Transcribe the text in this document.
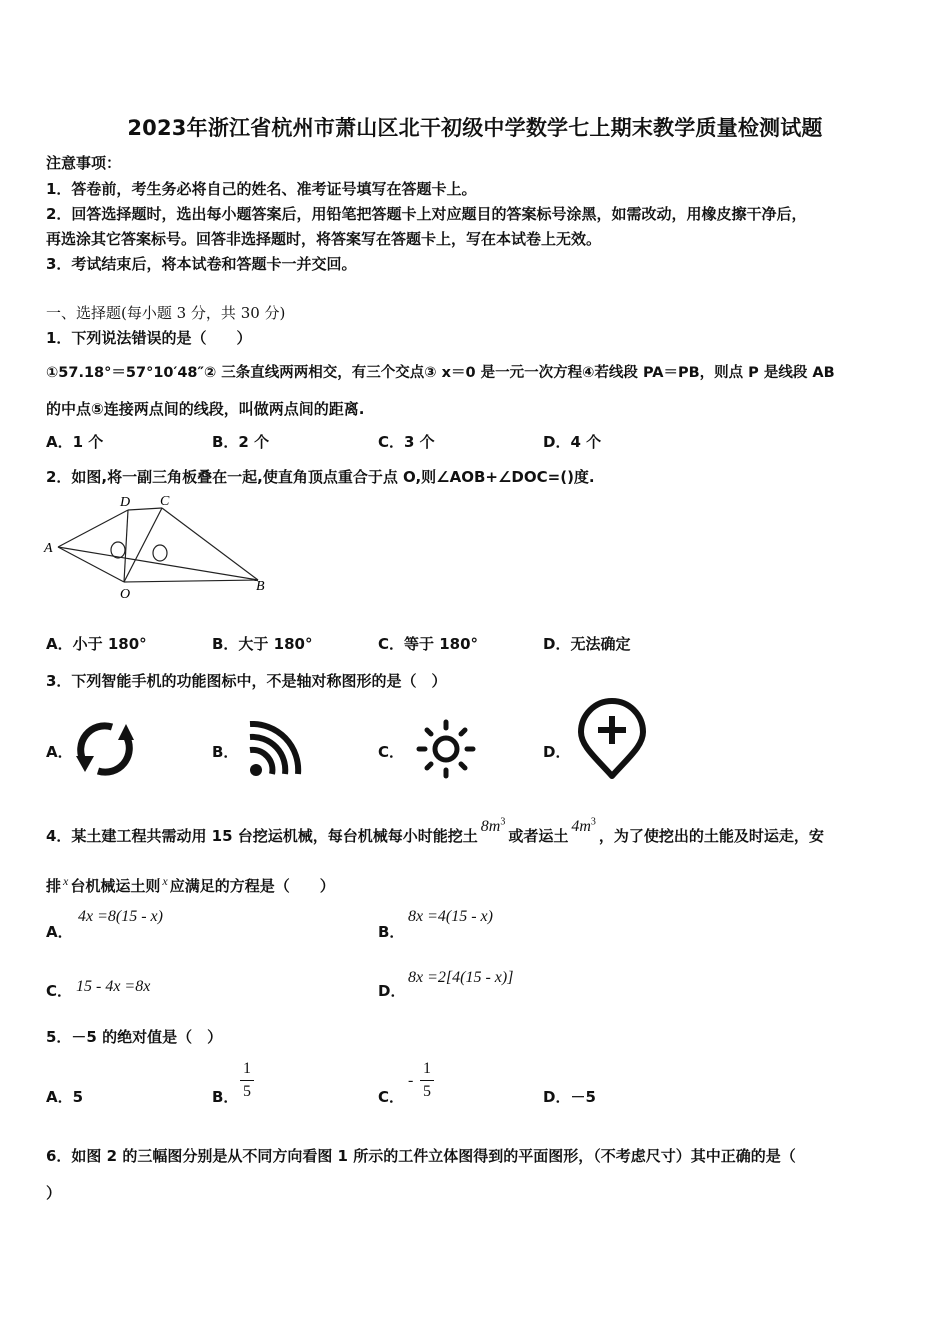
2023年浙江省杭州市萧山区北干初级中学数学七上期末教学质量检测试题
注意事项：
1．答卷前，考生务必将自己的姓名、准考证号填写在答题卡上。
2．回答选择题时，选出每小题答案后，用铅笔把答题卡上对应题目的答案标号涂黑，如需改动，用橡皮擦干净后，
再选涂其它答案标号。回答非选择题时，将答案写在答题卡上，写在本试卷上无效。
3．考试结束后，将本试卷和答题卡一并交回。
一、选择题(每小题 3 分，共 30 分)
1．下列说法错误的是（　　）
①57.18°＝57°10′48″② 三条直线两两相交，有三个交点③ x＝0 是一元一次方程④若线段 PA＝PB，则点 P 是线段 AB
的中点⑤连接两点间的线段，叫做两点间的距离.
A．1 个	B．2 个	C．3 个	D．4 个
2．如图,将一副三角板叠在一起,使直角顶点重合于点 O,则∠AOB+∠DOC=()度.
A
D C
B
O
A．小于 180°	B．大于 180°	C．等于 180°	D．无法确定
3．下列智能手机的功能图标中，不是轴对称图形的是（　）
A．	B．	C．	D．
4．某土建工程共需动用 15 台挖运机械，每台机械每小时能挖土$8m^3$或者运土$4m^3$，为了使挖出的土能及时运走，安
排 $^x$ 台机械运土则 $^x$ 应满足的方程是（　　）
A．
4x =8(15 - x)
B．
8x =4(15 - x)
C． 15 - 4x =8x	D．
8x =2[4(15 - x)]
5．－5 的绝对值是（　）
A．5	B．
1
5	C．
-
1
5	D．－5
6．如图 2 的三幅图分别是从不同方向看图 1 所示的工件立体图得到的平面图形，（不考虑尺寸）其中正确的是（
）
